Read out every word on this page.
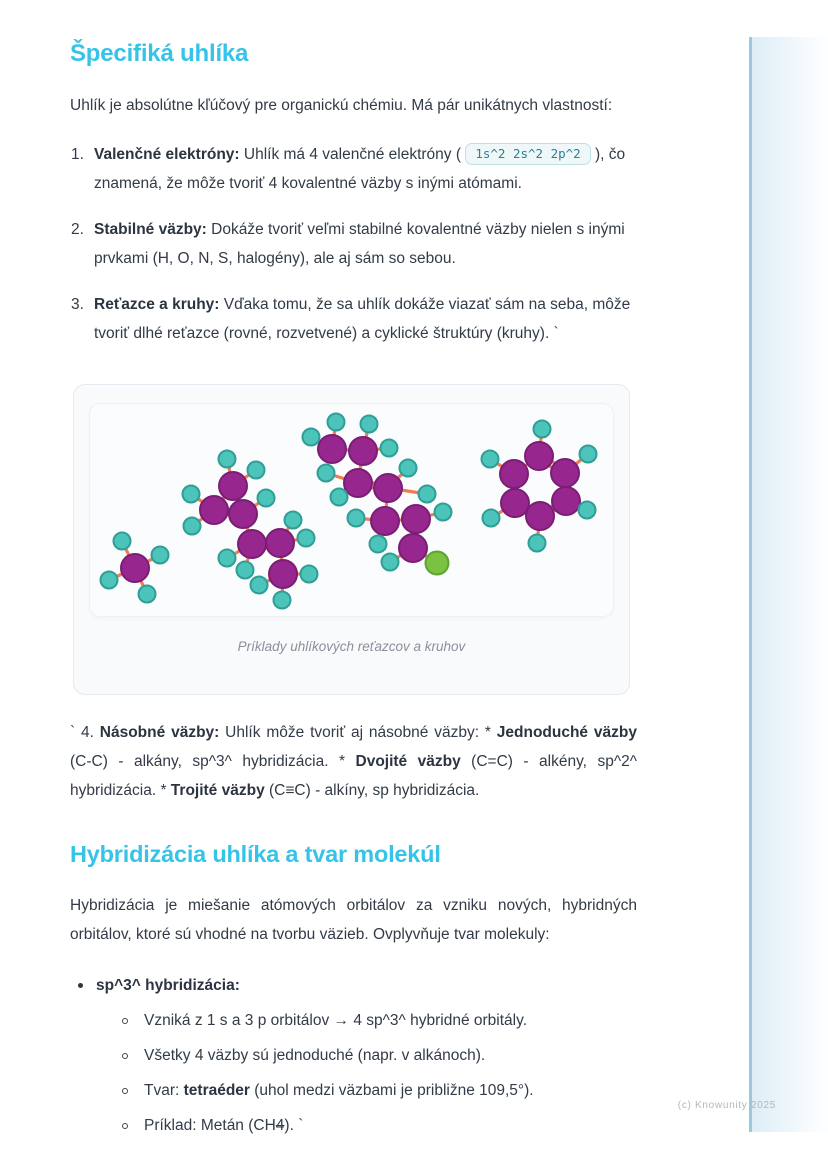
Špecifiká uhlíka

Uhlík je absolútne kľúčový pre organickú chémiu. Má pár unikátnych vlastností:

1. Valenčné elektróny: Uhlík má 4 valenčné elektróny ( 1s^2 2s^2 2p^2 ), čo znamená, že môže tvoriť 4 kovalentné väzby s inými atómami.
2. Stabilné väzby: Dokáže tvoriť veľmi stabilné kovalentné väzby nielen s inými prvkami (H, O, N, S, halogény), ale aj sám so sebou.
3. Reťazce a kruhy: Vďaka tomu, že sa uhlík dokáže viazať sám na seba, môže tvoriť dlhé reťazce (rovné, rozvetvené) a cyklické štruktúry (kruhy). `
Príklady uhlíkových reťazcov a kruhov

` 4. Násobné väzby: Uhlík môže tvoriť aj násobné väzby: * Jednoduché väzby (C-C) - alkány, sp^3^ hybridizácia. * Dvojité väzby (C=C) - alkény, sp^2^ hybridizácia. * Trojité väzby (C≡C) - alkíny, sp hybridizácia.

Hybridizácia uhlíka a tvar molekúl

Hybridizácia je miešanie atómových orbitálov za vzniku nových, hybridných orbitálov, ktoré sú vhodné na tvorbu väzieb. Ovplyvňuje tvar molekuly:

sp^3^ hybridizácia:
Vzniká z 1 s a 3 p orbitálov → 4 sp^3^ hybridné orbitály.
Všetky 4 väzby sú jednoduché (napr. v alkánoch).
Tvar: tetraéder (uhol medzi väzbami je približne 109,5°).
Príklad: Metán (CH4). `
(c) Knowunity 2025
